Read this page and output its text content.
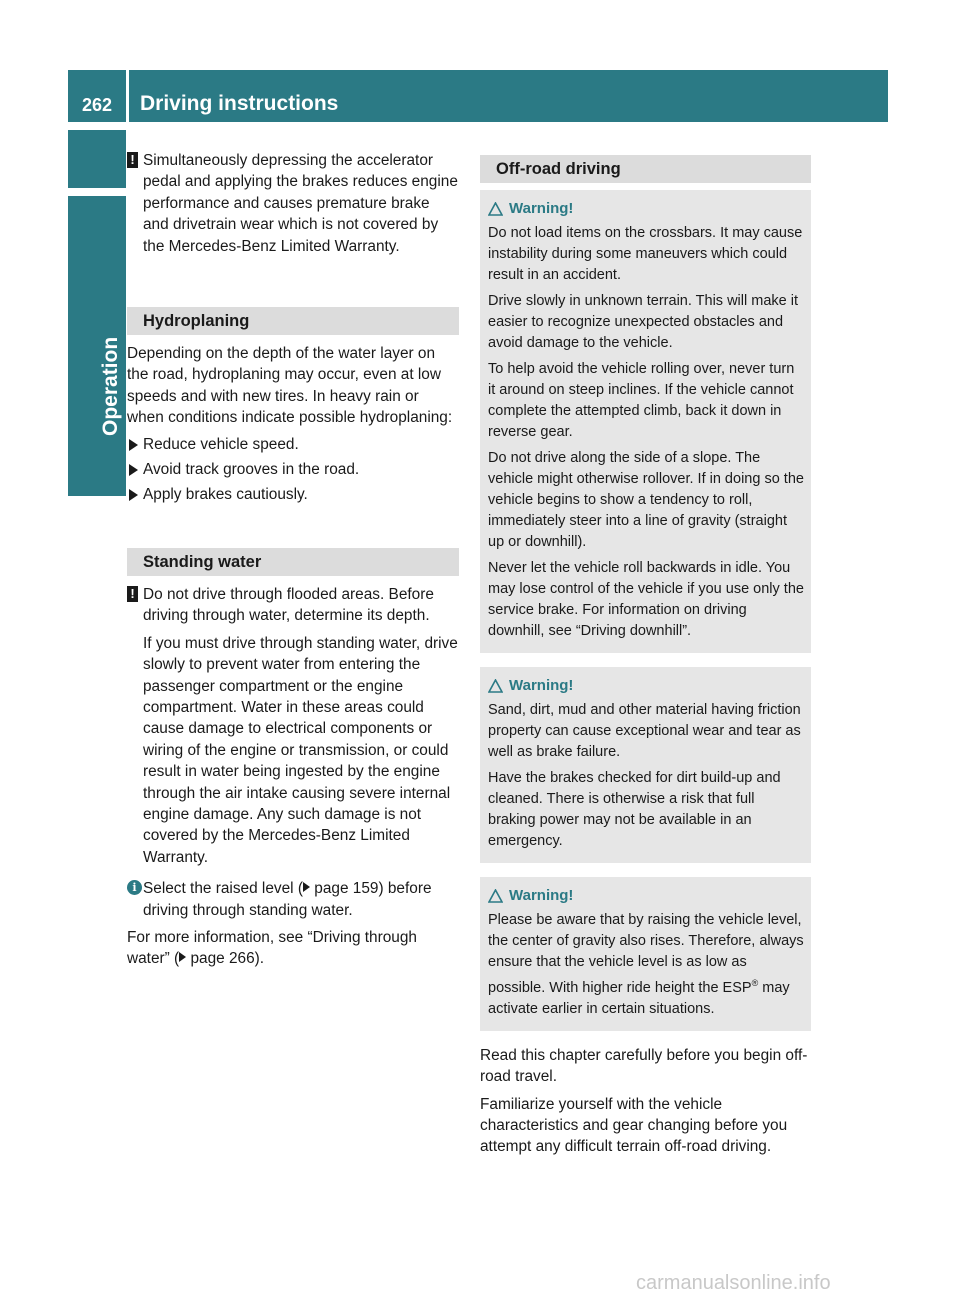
262	Driving instructions
Operation
! Simultaneously depressing the accelerator pedal and applying the brakes reduces engine performance and causes premature brake and drivetrain wear which is not covered by the Mercedes-Benz Limited Warranty.

Hydroplaning

Depending on the depth of the water layer on the road, hydroplaning may occur, even at low speeds and with new tires. In heavy rain or when conditions indicate possible hydroplaning:

Reduce vehicle speed.
Avoid track grooves in the road.
Apply brakes cautiously.
Standing water
! Do not drive through flooded areas. Before driving through water, determine its depth.

If you must drive through standing water, drive slowly to prevent water from entering the passenger compartment or the engine compartment. Water in these areas could cause damage to electrical components or wiring of the engine or transmission, or could result in water being ingested by the engine through the air intake causing severe internal engine damage. Any such damage is not covered by the Mercedes-Benz Limited Warranty.

i Select the raised level ( page 159) before driving through standing water.

For more information, see “Driving through water” ( page 266).

Off-road driving
Warning!

Do not load items on the crossbars. It may cause instability during some maneuvers which could result in an accident.

Drive slowly in unknown terrain. This will make it easier to recognize unexpected obstacles and avoid damage to the vehicle.

To help avoid the vehicle rolling over, never turn it around on steep inclines. If the vehicle cannot complete the attempted climb, back it down in reverse gear.

Do not drive along the side of a slope. The vehicle might otherwise rollover. If in doing so the vehicle begins to show a tendency to roll, immediately steer into a line of gravity (straight up or downhill).

Never let the vehicle roll backwards in idle. You may lose control of the vehicle if you use only the service brake. For information on driving downhill, see “Driving downhill”.

Warning!

Sand, dirt, mud and other material having friction property can cause exceptional wear and tear as well as brake failure.

Have the brakes checked for dirt build-up and cleaned. There is otherwise a risk that full braking power may not be available in an emergency.

Warning!

Please be aware that by raising the vehicle level, the center of gravity also rises. Therefore, always ensure that the vehicle level is as low as possible. With higher ride height the ESP® may activate earlier in certain situations.

Read this chapter carefully before you begin off-road travel.

Familiarize yourself with the vehicle characteristics and gear changing before you attempt any difficult terrain off-road driving.

carmanualsonline.info
